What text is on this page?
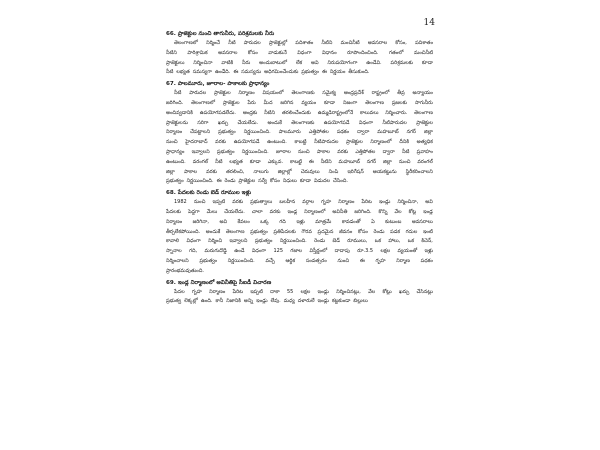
14
66. ప్రాజెక్టుల నుంచి తాగునీరు, పరిశ్రమలకు నీరు
తెలంగాణలో నిర్మించే నీటి పారుదల ప్రాజెక్టుల్లో పదిశాతం నీటిని మంచినీటి అవసరాల కోసం, పదిశాతం
నీటిని పారిశ్రామిక అవసరాల కోసం వాడుకునే విధంగా విధానం రూపొందించింది. గతంలో మంచినీటి
ప్రాజెక్టులు నిర్మించినా వాటికి నీరు అందుబాటులో లేక అవి నిరుపయోగంగా ఉండేవి. పరిశ్రమలకు కూడా
నీటి లభ్యత సమస్యగా ఉండేది. ఈ సమస్యను అధిగమించేందుకు ప్రభుత్వం ఈ నిర్ణయం తీసుకుంది.
67. పాలమూరు, జూరాల- పాకాలకు ప్రాధాన్యం
నీటి పారుదల ప్రాజెక్టుల నిర్మాణం విషయంలో తెలంగాణకు సమైక్య ఆంధ్రప్రదేశ్ రాష్ట్రంలో తీవ్ర అన్యాయం
జరిగింది. తెలంగాణలో ప్రాజెక్టుల పేరు మీద జరిగిన వ్యయం కూడా నిజంగా తెలంగాణ ప్రజలకు సాగునీరు
అందివ్వడానికి ఉపయోగపడలేదు. ఆంధ్రకు నీటిని తరలించేందుకు ఉమ్మడిరాష్ట్రంలోనే కాలువలు నిర్మించారు. తెలంగాణ
ప్రాజెక్టులను సరిగా ఖర్చు చేయలేదు. అందుకే తెలంగాణకు ఉపయోగపడే విధంగా నీటిపారుదల ప్రాజెక్టుల
నిర్మాణం చేపట్టాలని ప్రభుత్వం నిర్ణయించింది. పాలమూరు ఎత్తిపోతల పథకం ద్వారా మహబూబ్ నగర్ జిల్లా
నుంచి హైదరాబాద్ వరకు ఉపయోగపడే ఉంటుంది. కాబట్టి నీటిపారుదల ప్రాజెక్టుల నిర్మాణంలో దీనికి అత్యధిక
ప్రాధాన్యం ఇవ్వాలని ప్రభుత్వం నిర్ణయించింది. జూరాల నుంచి పాకాల వరకు ఎత్తిపోతల ద్వారా నీటి ప్రవాహం
ఉంటుంది. వరంగల్ నీటి లభ్యత కూడా ఎక్కువ. కాబట్టి ఈ నీటిని మహబూబ్ నగర్ జిల్లా నుంచి వరంగల్
జిల్లా పాకాల వరకు తరలించి, నాలుగు జిల్లాల్లో చెరువులు నింపి ఇరిగేషన్ ఆయకట్టును స్థిరీకరించాలని
ప్రభుత్వం నిర్ణయించింది. ఈ రెండు ప్రాజెక్టుల సర్వే కోసం నిధులు కూడా విడుదల చేసింది.
68. పేదలకు రెండు బెడ్ రూముల ఇళ్లు
1982 నుంచి ఇప్పటి వరకు ప్రభుత్వాలు బలహీన వర్గాల గృహ నిర్మాణం పేరిట ఇండ్లు నిర్మించినా, అవి
పేదలకు పెద్దగా మేలు చేయలేదు. చాలా వరకు ఇండ్ల నిర్మాణంలో అవినీతి జరిగింది. కొన్ని వేల కోట్ల ఇండ్ల
నిర్మాణం జరిగినా, అవి కేవలం ఒక్క గది ఇళ్లు మాత్రమే కావడంతో ఏ కుటుంబ అవసరాలు
తీర్చలేకపోయింది. అందుకే తెలంగాణ ప్రభుత్వం ప్రతిపేదలకు గౌరవ ప్రదమైన జీవనం కోసం రెండు పడక గదుల ఇంటి
కావాలి విధంగా నిర్మించి ఇవ్వాలని ప్రభుత్వం నిర్ణయించింది. రెండు బెడ్ రూములు, ఒక హాలు, ఒక కిచెన్,
స్నానాల గది, మరుగుదొడ్డి ఉండే విధంగా 125 గజాల విస్తీర్ణంలో దాదాపు రూ.3.5 లక్షల వ్యయంతో ఇళ్లు
నిర్మించాలని ప్రభుత్వం నిర్ణయించింది. వచ్చే ఆర్థిక సంవత్సరం నుంచి ఈ గృహ నిర్మాణ పథకం
ప్రారంభమవుతుంది.
69. ఇండ్ల నిర్మాణంలో అవినీతిపై సీఐడీ విచారణ
పేదల గృహ నిర్మాణం పేరిట ఇప్పటి దాకా 55 లక్షల ఇండ్లు నిర్మించినట్లు, వేల కోట్లు ఖర్చు చేసినట్లు
ప్రభుత్వ లెక్కల్లో ఉంది. కానీ నిజానికి అన్ని ఇండ్లు లేవు. మధ్య దళారులే ఇండ్లు కట్టకుండా బిల్లులు
